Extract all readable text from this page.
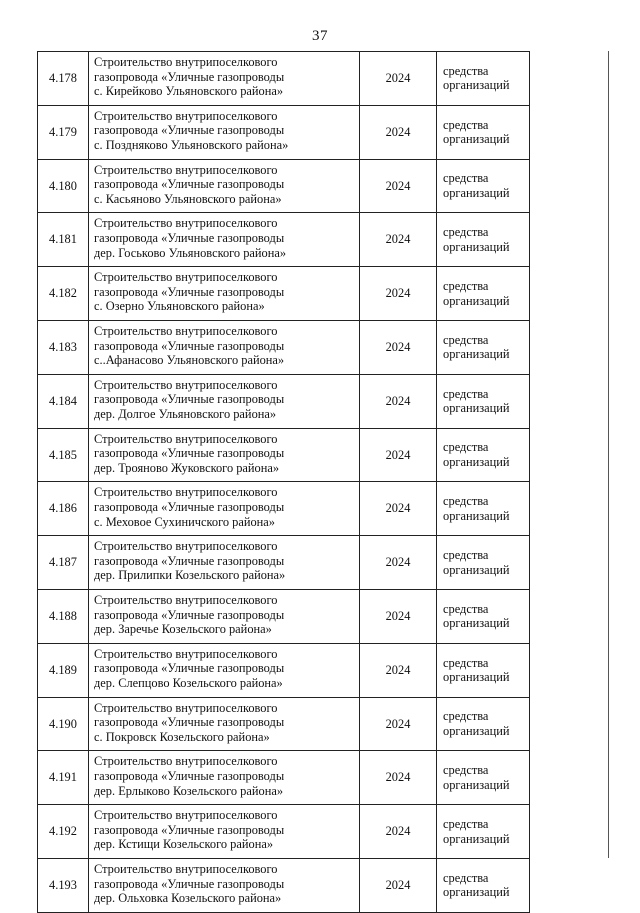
37
4.178	Строительство внутрипоселкового
газопровода «Уличные газопроводы
с. Кирейково Ульяновского района»	2024	средства
организаций

4.179	Строительство внутрипоселкового
газопровода «Уличные газопроводы
с. Поздняково Ульяновского района»	2024	средства
организаций

4.180	Строительство внутрипоселкового
газопровода «Уличные газопроводы
с. Касьяново Ульяновского района»	2024	средства
организаций

4.181	Строительство внутрипоселкового
газопровода «Уличные газопроводы
дер. Госьково Ульяновского района»	2024	средства
организаций

4.182	Строительство внутрипоселкового
газопровода «Уличные газопроводы
с. Озерно Ульяновского района»	2024	средства
организаций

4.183	Строительство внутрипоселкового
газопровода «Уличные газопроводы
с..Афанасово Ульяновского района»	2024	средства
организаций

4.184	Строительство внутрипоселкового
газопровода «Уличные газопроводы
дер. Долгое Ульяновского района»	2024	средства
организаций

4.185	Строительство внутрипоселкового
газопровода «Уличные газопроводы
дер. Трояново Жуковского района»	2024	средства
организаций

4.186	Строительство внутрипоселкового
газопровода «Уличные газопроводы
с. Меховое Сухиничского района»	2024	средства
организаций

4.187	Строительство внутрипоселкового
газопровода «Уличные газопроводы
дер. Прилипки Козельского района»	2024	средства
организаций

4.188	Строительство внутрипоселкового
газопровода «Уличные газопроводы
дер. Заречье Козельского района»	2024	средства
организаций

4.189	Строительство внутрипоселкового
газопровода «Уличные газопроводы
дер. Слепцово Козельского района»	2024	средства
организаций

4.190	Строительство внутрипоселкового
газопровода «Уличные газопроводы
с. Покровск Козельского района»	2024	средства
организаций

4.191	Строительство внутрипоселкового
газопровода «Уличные газопроводы
дер. Ерлыково Козельского района»	2024	средства
организаций

4.192	Строительство внутрипоселкового
газопровода «Уличные газопроводы
дер. Кстищи Козельского района»	2024	средства
организаций

4.193	Строительство внутрипоселкового
газопровода «Уличные газопроводы
дер. Ольховка Козельского района»	2024	средства
организаций
